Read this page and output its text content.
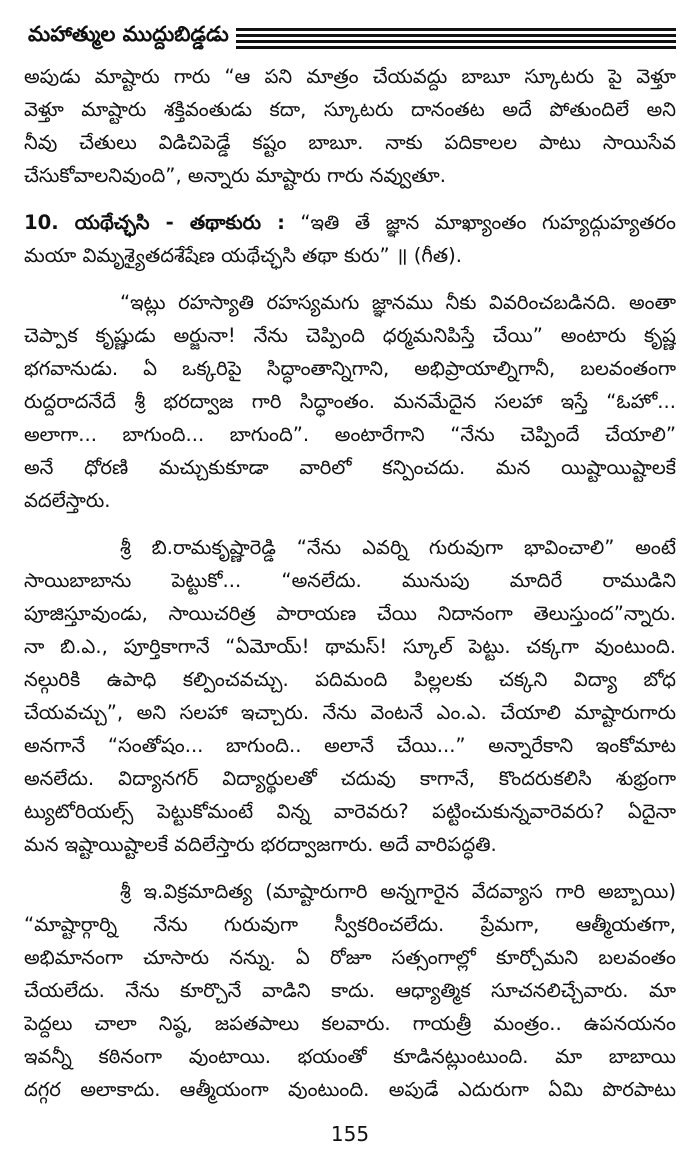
మహాత్ముల ముద్దుబిడ్డడు
అపుడు మాష్టారు గారు “ఆ పని మాత్రం చేయవద్దు బాబూ స్కూటరు పై వెళ్తూ
వెళ్తూ మాష్టారు శక్తివంతుడు కదా, స్కూటరు దానంతట అదే పోతుందిలే అని
నీవు చేతులు విడిచిపెడ్డే కష్టం బాబూ. నాకు పదికాలల పాటు సాయిసేవ
చేసుకోవాలనివుంది”, అన్నారు మాష్టారు గారు నవ్వుతూ.
10. యథేచ్ఛసి - తథాకురు : “ఇతి తే జ్ఞాన మాఖ్యాంతం గుహ్యద్గుహ్యతరం
మయా విమృశ్యైతదశేషేణ యథేచ్ఛసి తథా కురు” ॥ (గీత).
“ఇట్లు రహస్యాతి రహస్యమగు జ్ఞానము నీకు వివరించబడినది. అంతా
చెప్పాక కృష్ణుడు అర్జునా! నేను చెప్పింది ధర్మమనిపిస్తే చేయి” అంటారు కృష్ణ
భగవానుడు. ఏ ఒక్కరిపై సిద్ధాంతాన్నిగాని, అభిప్రాయాల్నిగానీ, బలవంతంగా
రుద్దరాదనేదే శ్రీ భరద్వాజ గారి సిద్ధాంతం. మనమేదైన సలహా ఇస్తే “ఓహో...
అలాగా... బాగుంది... బాగుంది”. అంటారేగాని “నేను చెప్పిందే చేయాలి”
అనే ధోరణి మచ్చుకుకూడా వారిలో కన్పించదు. మన యిష్టాయిష్టాలకే
వదలేస్తారు.
శ్రీ బి.రామకృష్ణారెడ్డి “నేను ఎవర్ని గురువుగా భావించాలి” అంటే
సాయిబాబాను పెట్టుకో... “అనలేదు. మునుపు మాదిరే రాముడిని
పూజిస్తూవుండు, సాయిచరిత్ర పారాయణ చేయి నిదానంగా తెలుస్తుంద”న్నారు.
నా బి.ఎ., పూర్తికాగానే “ఏమోయ్! థామస్! స్కూల్ పెట్టు. చక్కగా వుంటుంది.
నల్గురికి ఉపాధి కల్పించవచ్చు. పదిమంది పిల్లలకు చక్కని విద్యా బోధ
చేయవచ్చు”, అని సలహా ఇచ్చారు. నేను వెంటనే ఎం.ఎ. చేయాలి మాష్టారుగారు
అనగానే “సంతోషం... బాగుంది.. అలానే చేయి...” అన్నారేకాని ఇంకోమాట
అనలేదు. విద్యానగర్ విద్యార్థులతో చదువు కాగానే, కొందరుకలిసి శుభ్రంగా
ట్యుటోరియల్స్ పెట్టుకోమంటే విన్న వారెవరు? పట్టించుకున్నవారెవరు? ఏదైనా
మన ఇష్టాయిష్టాలకే వదిలేస్తారు భరద్వాజగారు. అదే వారిపద్ధతి.
శ్రీ ఇ.విక్రమాదిత్య (మాష్టారుగారి అన్నగారైన వేదవ్యాస గారి అబ్బాయి)
“మాష్టార్గార్ని నేను గురువుగా స్వీకరించలేదు. ప్రేమగా, ఆత్మీయతగా,
అభిమానంగా చూసారు నన్ను. ఏ రోజూ సత్సంగాల్లో కూర్చోమని బలవంతం
చేయలేదు. నేను కూర్చొనే వాడిని కాదు. ఆధ్యాత్మిక సూచనలిచ్చేవారు. మా
పెద్దలు చాలా నిష్ఠ, జపతపాలు కలవారు. గాయత్రీ మంత్రం.. ఉపనయనం
ఇవన్నీ కఠినంగా వుంటాయి. భయంతో కూడినట్లుంటుంది. మా బాబాయి
దగ్గర అలాకాదు. ఆత్మీయంగా వుంటుంది. అపుడే ఎదురుగా ఏమి పొరపాటు
155
